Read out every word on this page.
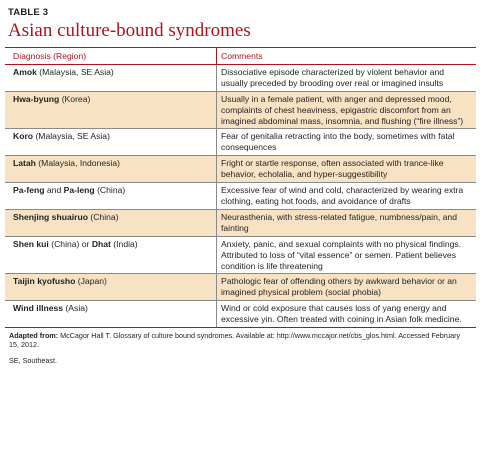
TABLE 3
Asian culture-bound syndromes
Diagnosis (Region)	Comments
Amok (Malaysia, SE Asia)	Dissociative episode characterized by violent behavior and usually preceded by brooding over real or imagined insults
Hwa-byung (Korea)	Usually in a female patient, with anger and depressed mood, complaints of chest heaviness, epigastric discomfort from an imagined abdominal mass, insomnia, and flushing (“fire illness”)
Koro (Malaysia, SE Asia)	Fear of genitalia retracting into the body, sometimes with fatal consequences
Latah (Malaysia, Indonesia)	Fright or startle response, often associated with trance-like behavior, echolalia, and hyper-suggestibility
Pa-feng and Pa-leng (China)	Excessive fear of wind and cold, characterized by wearing extra clothing, eating hot foods, and avoidance of drafts
Shenjing shuairuo (China)	Neurasthenia, with stress-related fatigue, numbness/pain, and fainting
Shen kui (China) or Dhat (India)	Anxiety, panic, and sexual complaints with no physical findings. Attributed to loss of “vital essence” or semen. Patient believes condition is life threatening
Taijin kyofusho (Japan)	Pathologic fear of offending others by awkward behavior or an imagined physical problem (social phobia)
Wind illness (Asia)	Wind or cold exposure that causes loss of yang energy and excessive yin. Often treated with coining in Asian folk medicine.
Adapted from: McCagor Hall T. Glossary of culture bound syndromes. Available at: http://www.mccajor.net/cbs_glos.html. Accessed February 15, 2012.
SE, Southeast.
